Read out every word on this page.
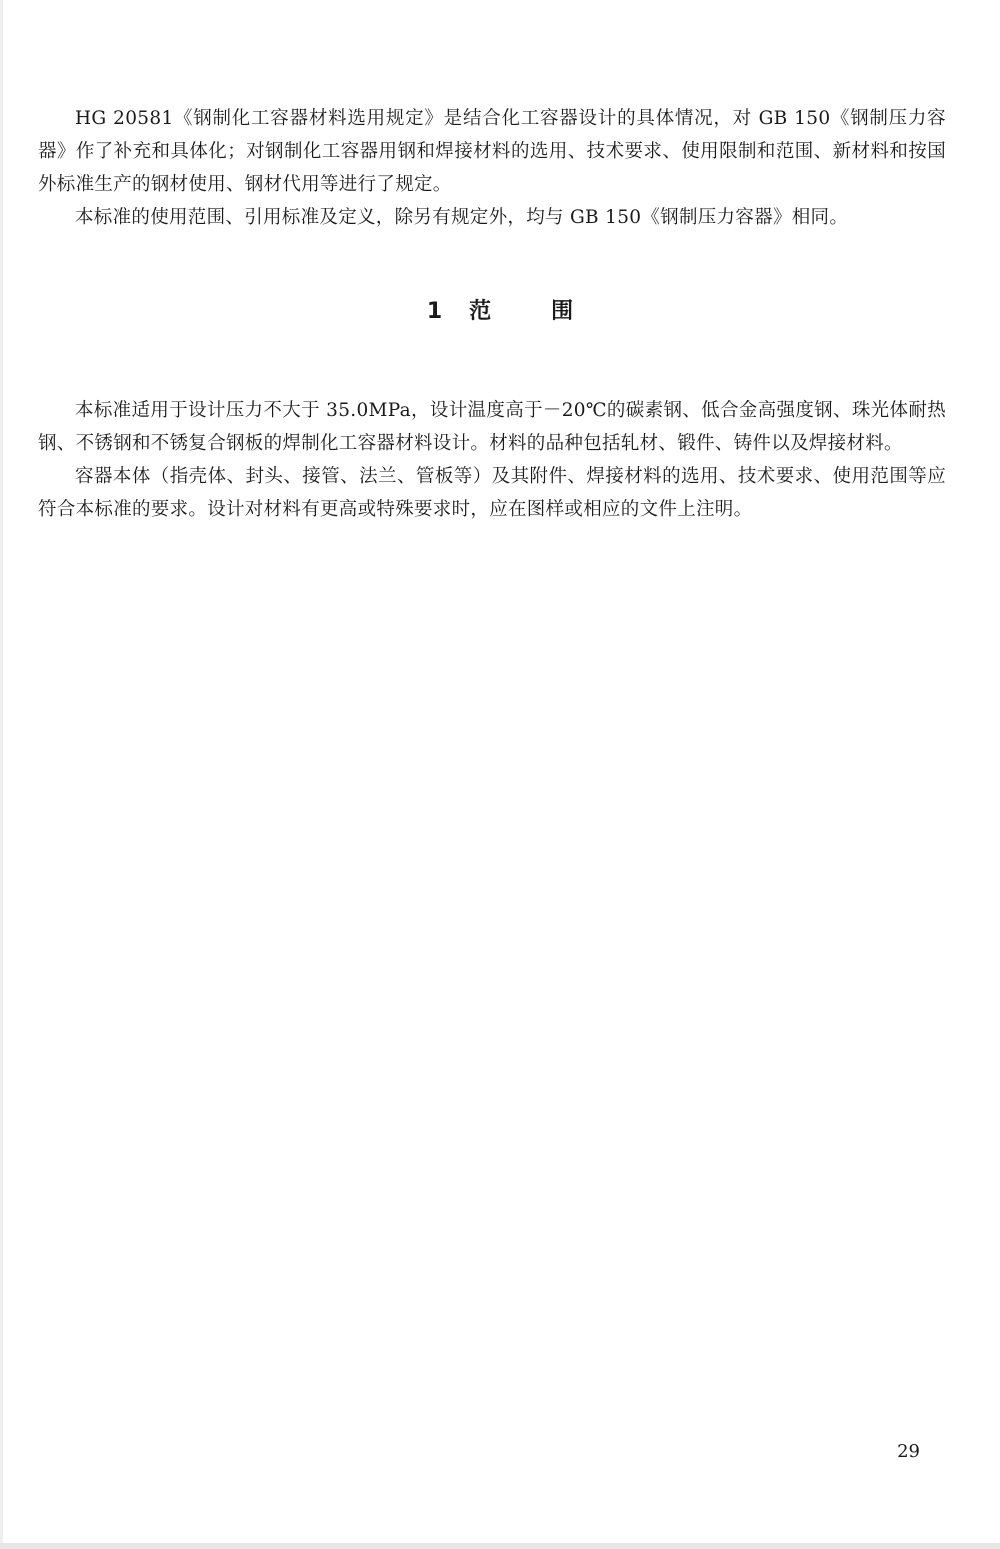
HG 20581《钢制化工容器材料选用规定》是结合化工容器设计的具体情况，对 GB 150《钢制压力容器》作了补充和具体化；对钢制化工容器用钢和焊接材料的选用、技术要求、使用限制和范围、新材料和按国外标准生产的钢材使用、钢材代用等进行了规定。

本标准的使用范围、引用标准及定义，除另有规定外，均与 GB 150《钢制压力容器》相同。

1 范围

本标准适用于设计压力不大于 35.0MPa，设计温度高于－20℃的碳素钢、低合金高强度钢、珠光体耐热钢、不锈钢和不锈复合钢板的焊制化工容器材料设计。材料的品种包括轧材、锻件、铸件以及焊接材料。

容器本体（指壳体、封头、接管、法兰、管板等）及其附件、焊接材料的选用、技术要求、使用范围等应符合本标准的要求。设计对材料有更高或特殊要求时，应在图样或相应的文件上注明。

29
